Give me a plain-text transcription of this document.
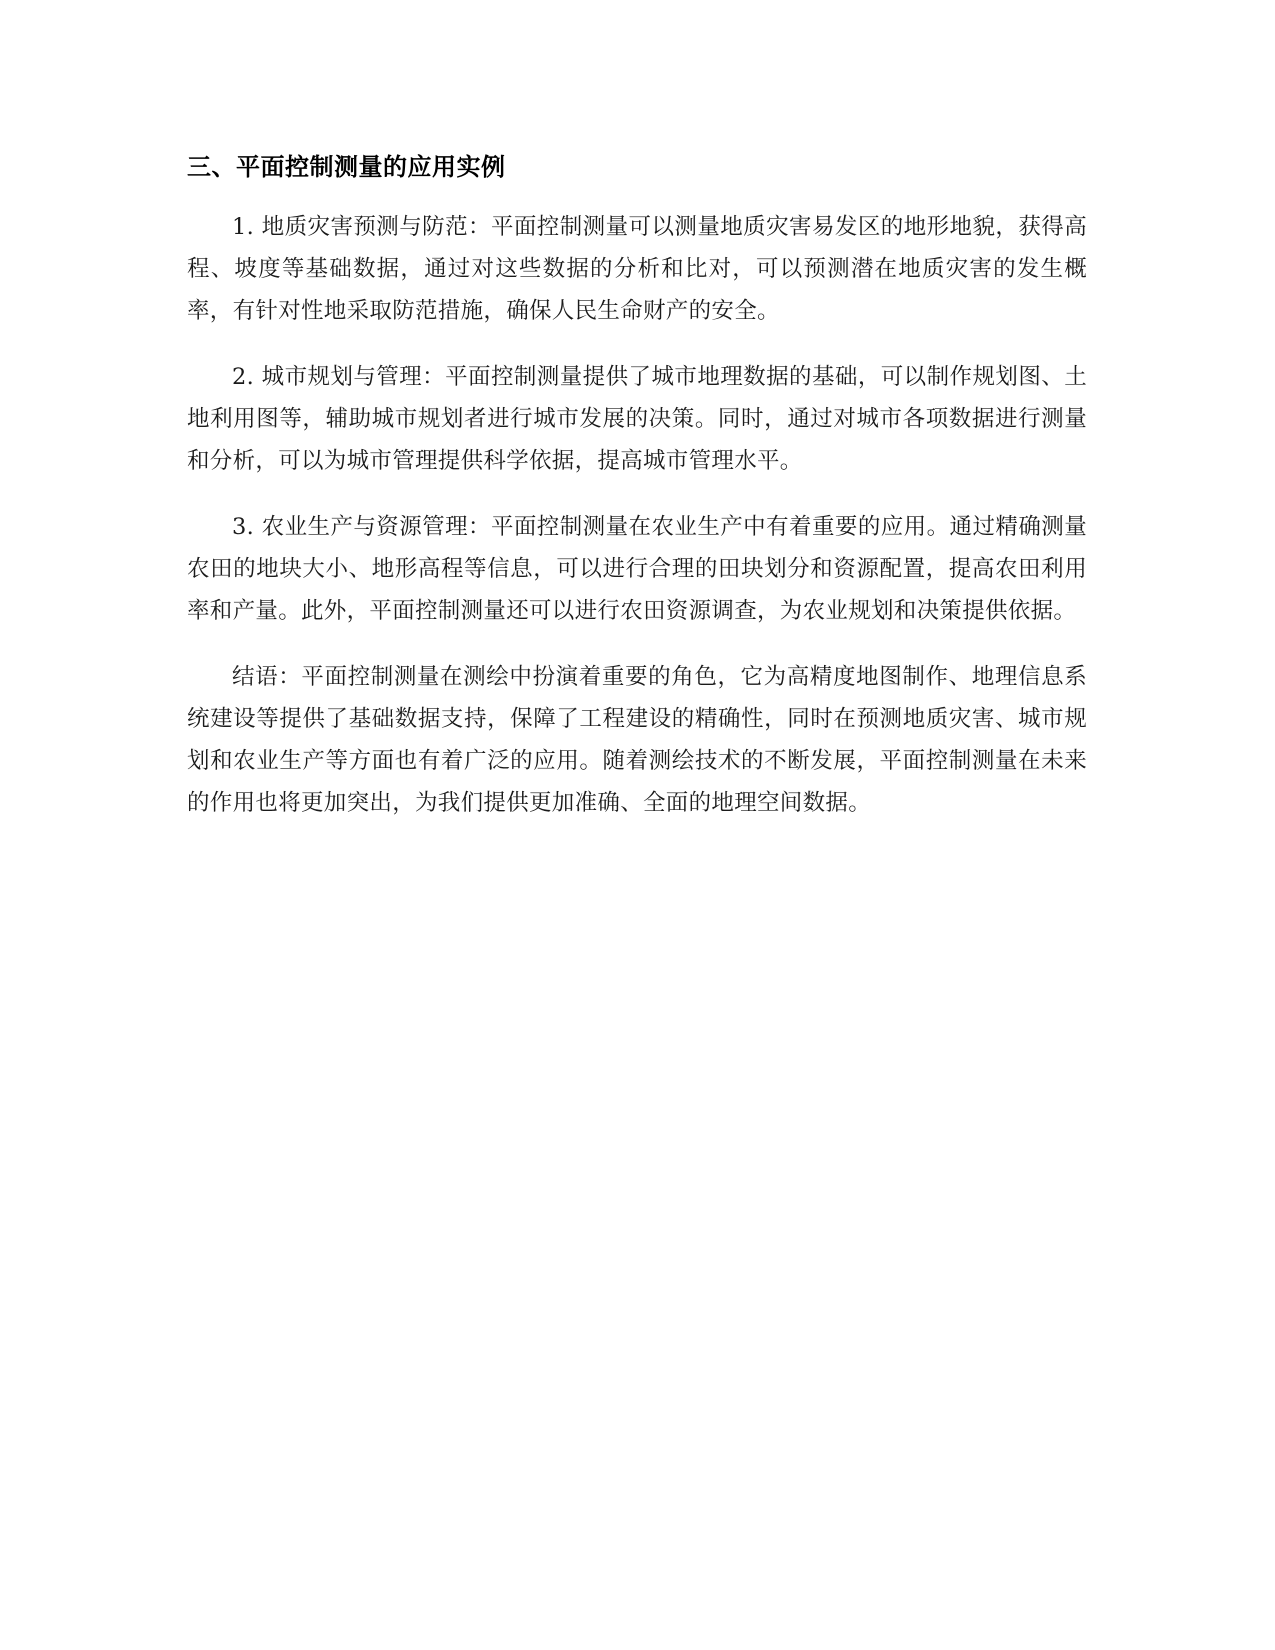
三、平面控制测量的应用实例

1. 地质灾害预测与防范：平面控制测量可以测量地质灾害易发区的地形地貌，获得高程、坡度等基础数据，通过对这些数据的分析和比对，可以预测潜在地质灾害的发生概率，有针对性地采取防范措施，确保人民生命财产的安全。

2. 城市规划与管理：平面控制测量提供了城市地理数据的基础，可以制作规划图、土地利用图等，辅助城市规划者进行城市发展的决策。同时，通过对城市各项数据进行测量和分析，可以为城市管理提供科学依据，提高城市管理水平。

3. 农业生产与资源管理：平面控制测量在农业生产中有着重要的应用。通过精确测量农田的地块大小、地形高程等信息，可以进行合理的田块划分和资源配置，提高农田利用率和产量。此外，平面控制测量还可以进行农田资源调查，为农业规划和决策提供依据。

结语：平面控制测量在测绘中扮演着重要的角色，它为高精度地图制作、地理信息系统建设等提供了基础数据支持，保障了工程建设的精确性，同时在预测地质灾害、城市规划和农业生产等方面也有着广泛的应用。随着测绘技术的不断发展，平面控制测量在未来的作用也将更加突出，为我们提供更加准确、全面的地理空间数据。
